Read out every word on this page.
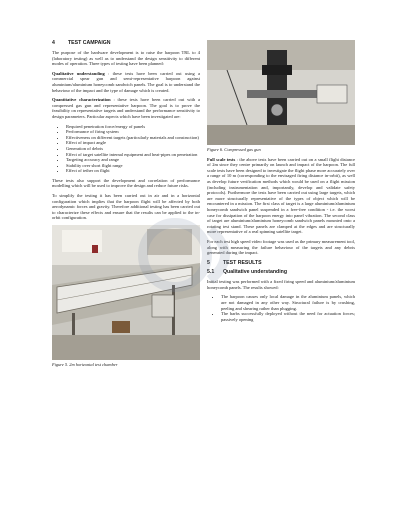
4	TEST CAMPAIGN

The purpose of the hardware development is to raise the harpoon TRL to 4 (laboratory testing) as well as to understand the design sensitivity to different modes of operation. Three types of testing have been planned:

Qualitative understanding : these tests have been carried out using a commercial spear gun and semi-representative harpoon against aluminium/aluminium honeycomb sandwich panels. The goal is to understand the behaviour of the impact and the type of damage which is created.

Quantitative characterization : these tests have been carried out with a compressed gas gun and representative harpoon. The goal is to prove the feasibility on representative targets and understand the performance sensitivity to design parameters. Particular aspects which have been investigated are:

• Required penetration force/energy of panels
• Performance of firing system
• Effectiveness on different targets (particularly materials and construction)
• Effect of impact angle
• Generation of debris
• Effect of target satellite internal equipment and heat-pipes on penetration
• Targeting accuracy and range
• Stability over short flight range
• Effect of tether on flight

These tests also support the development and correlation of performance modelling which will be used to improve the design and reduce future risks.

To simplify the testing it has been carried out in air and in a horizontal configuration which implies that the harpoon flight will be affected by both aerodynamic forces and gravity. Therefore additional testing has been carried out to characterize these effects and ensure that the results can be applied to the in-orbit configuration.

Figure 5. 2m horizontal test chamber
Figure 6. Compressed gas gun

Full scale tests : the above tests have been carried out on a small flight distance of 2m since they centre primarily on launch and impact of the harpoon. The full scale tests have been designed to investigate the flight phase more accurately over a range of 10 m (corresponding to the envisaged firing distance in-orbit), as well as develop future verification methods which would be used on a flight mission (including instrumentation and, importantly, develop and validate safety protocols). Furthermore the tests have been carried out using large targets, which are more structurally representative of the types of object which will be encountered in a mission. The first class of target is a large aluminium/aluminium honeycomb sandwich panel suspended in a free-free condition - i.e. the worst case for dissipation of the harpoon energy into panel vibration. The second class of target are aluminium/aluminium honeycomb sandwich panels mounted onto a rotating test stand. These panels are clamped at the edges and are structurally more representative of a real spinning satellite target.

For each test high speed video footage was used as the primary measurement tool, along with measuring the failure behaviour of the targets and any debris generated during the impact.

5	TEST RESULTS
5.1 Qualitative understanding

Initial testing was performed with a fixed firing speed and aluminium/aluminium honeycomb panels. The results showed:

• The harpoon causes only local damage in the aluminium panels, which are not damaged in any other way. Structural failure is by crushing, peeling and shearing rather than plugging.
• The barbs successfully deployed without the need for actuation forces; passively opening
